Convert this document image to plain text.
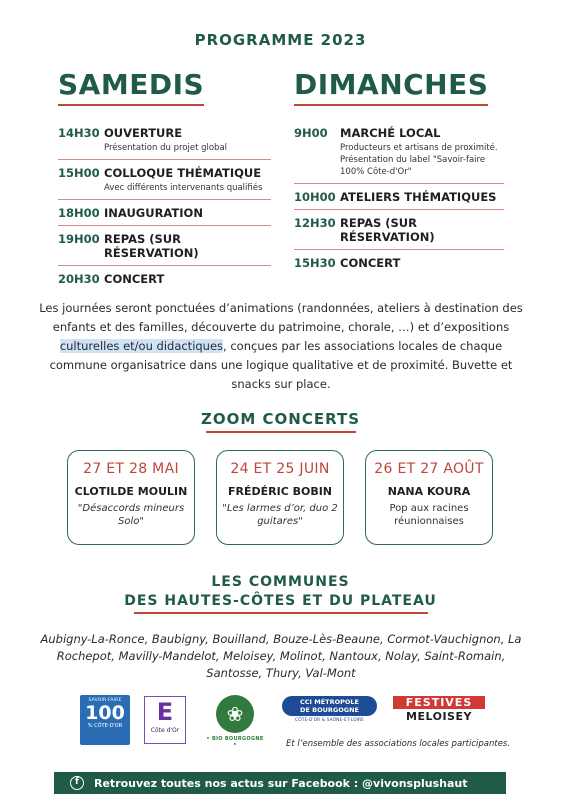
PROGRAMME 2023
SAMEDIS
14H30 OUVERTURE
Présentation du projet global
15H00 COLLOQUE THÉMATIQUE
Avec différents intervenants qualifiés
18H00 INAUGURATION
19H00 REPAS (SUR RÉSERVATION)
20H30 CONCERT
DIMANCHES
9H00	MARCHÉ LOCAL
Producteurs et artisans de proximité. Présentation du label "Savoir-faire 100% Côte-d'Or"
10H00 ATELIERS THÉMATIQUES
12H30 REPAS (SUR RÉSERVATION)
15H30 CONCERT
Les journées seront ponctuées d’animations (randonnées, ateliers à destination des enfants et des familles, découverte du patrimoine, chorale, …) et d’expositions culturelles et/ou didactiques, conçues par les associations locales de chaque commune organisatrice dans une logique qualitative et de proximité. Buvette et snacks sur place.
ZOOM CONCERTS
27 ET 28 MAI
CLOTILDE MOULIN
"Désaccords mineurs Solo"
24 ET 25 JUIN
FRÉDÉRIC BOBIN
"Les larmes d’or, duo 2 guitares"
26 ET 27 AOÛT
NANA KOURA
Pop aux racines réunionnaises
LES COMMUNES
DES HAUTES-CÔTES ET DU PLATEAU
Aubigny-La-Ronce, Baubigny, Bouilland, Bouze-Lès-Beaune, Cormot-Vauchignon, La Rochepot, Mavilly-Mandelot, Meloisey, Molinot, Nantoux, Nolay, Saint-Romain, Santosse, Thury, Val-Mont
SAVOIR-FAIRE
100
% CÔTE-D'OR
LE DÉPARTEMENT
E
Côte d'Or
❀
• BIO BOURGOGNE •
CCI MÉTROPOLE
DE BOURGOGNE
CÔTE-D'OR & SAÔNE-ET-LOIRE
FESTIVES
MELOISEY
Et l’ensemble des associations locales participantes.
f	Retrouvez toutes nos actus sur Facebook : @vivonsplushaut
